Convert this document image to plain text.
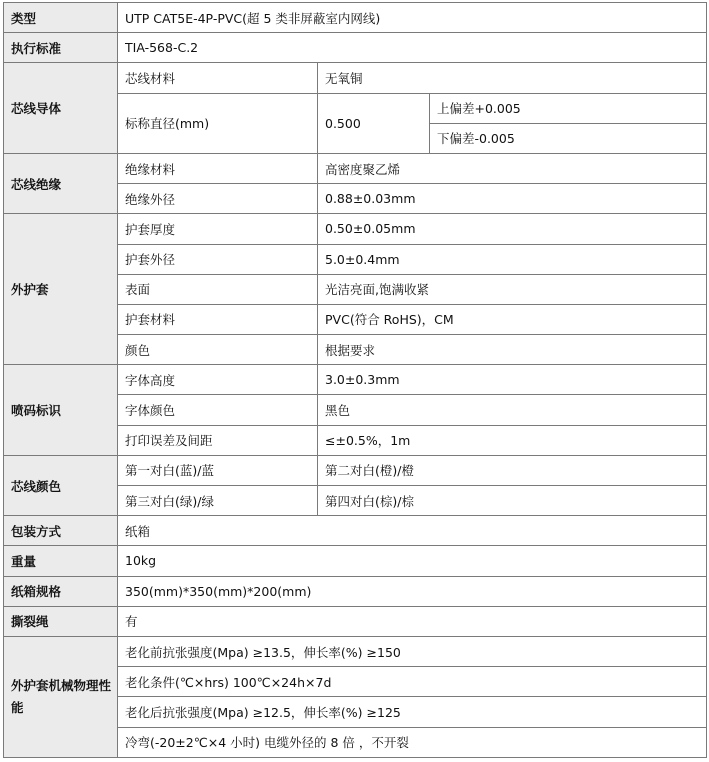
类型	UTP CAT5E-4P-PVC(超 5 类非屏蔽室内网线)		
执行标准	TIA-568-C.2		
芯线导体	芯线材料	无氧铜	
	标称直径(mm)	0.500	上偏差+0.005
			下偏差-0.005
芯线绝缘	绝缘材料	高密度聚乙烯	
	绝缘外径	0.88±0.03mm	
外护套	护套厚度	0.50±0.05mm	
	护套外径	5.0±0.4mm	
	表面	光洁亮面,饱满收紧	
	护套材料	PVC(符合 RoHS)，CM	
	颜色	根据要求	
喷码标识	字体高度	3.0±0.3mm	
	字体颜色	黑色	
	打印误差及间距	≤±0.5%，1m	
芯线颜色	第一对白(蓝)/蓝	第二对白(橙)/橙	
	第三对白(绿)/绿	第四对白(棕)/棕	
包装方式	纸箱		
重量	10kg		
纸箱规格	350(mm)*350(mm)*200(mm)		
撕裂绳	有		
外护套机械物理性能	老化前抗张强度(Mpa) ≥13.5，伸长率(%) ≥150		
	老化条件(℃×hrs) 100℃×24h×7d		
	老化后抗张强度(Mpa) ≥12.5，伸长率(%) ≥125		
	冷弯(-20±2℃×4 小时) 电缆外径的 8 倍 ，不开裂		
